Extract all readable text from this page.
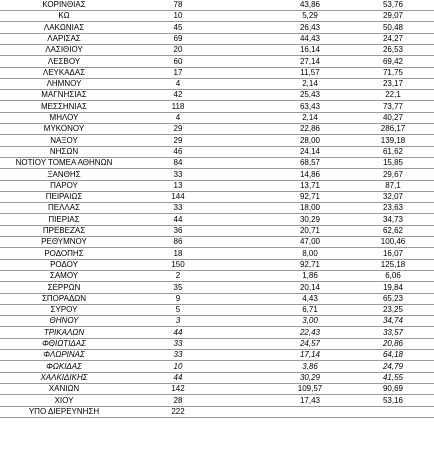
ΚΟΡΙΝΘΙΑΣ	78	43,86	53,76
ΚΩ	10	5,29	29,07
ΛΑΚΩΝΙΑΣ	45	26,43	50,48
ΛΑΡΙΣΑΣ	69	44,43	24,27
ΛΑΣΙΘΙΟΥ	20	16,14	26,53
ΛΕΣΒΟΥ	60	27,14	69,42
ΛΕΥΚΑΔΑΣ	17	11,57	71,75
ΛΗΜΝΟΥ	4	2,14	23,17
ΜΑΓΝΗΣΙΑΣ	42	25,43	22,1
ΜΕΣΣΗΝΙΑΣ	118	63,43	73,77
ΜΗΛΟΥ	4	2,14	40,27
ΜΥΚΟΝΟΥ	29	22,86	286,17
ΝΑΞΟΥ	29	28,00	139,18
ΝΗΣΩΝ	46	24,14	61,62
ΝΟΤΙΟΥ ΤΟΜΕΑ ΑΘΗΝΩΝ	84	68,57	15,85
ΞΑΝΘΗΣ	33	14,86	29,67
ΠΑΡΟΥ	13	13,71	87,1
ΠΕΙΡΑΙΩΣ	144	92,71	32,07
ΠΕΛΛΑΣ	33	18,00	23,63
ΠΙΕΡΙΑΣ	44	30,29	34,73
ΠΡΕΒΕΖΑΣ	36	20,71	62,62
ΡΕΘΥΜΝΟΥ	86	47,00	100,46
ΡΟΔΟΠΗΣ	18	8,00	16,07
ΡΟΔΟΥ	150	92,71	125,18
ΣΑΜΟΥ	2	1,86	6,06
ΣΕΡΡΩΝ	35	20,14	19,84
ΣΠΟΡΑΔΩΝ	9	4,43	65,23
ΣΥΡΟΥ	5	6,71	23,25
ΘΗΝΟΥ	3	3,00	34,74
ΤΡΙΚΑΛΩΝ	44	22,43	33,57
ΦΘΙΩΤΙΔΑΣ	33	24,57	20,86
ΦΛΩΡΙΝΑΣ	33	17,14	64,18
ΦΩΚΙΔΑΣ	10	3,86	24,79
ΧΑΛΚΙΔΙΚΗΣ	44	30,29	41,55
ΧΑΝΙΩΝ	142	109,57	90,69
ΧΙΟΥ	28	17,43	53,16
ΥΠΟ ΔΙΕΡΕΥΝΗΣΗ	222
